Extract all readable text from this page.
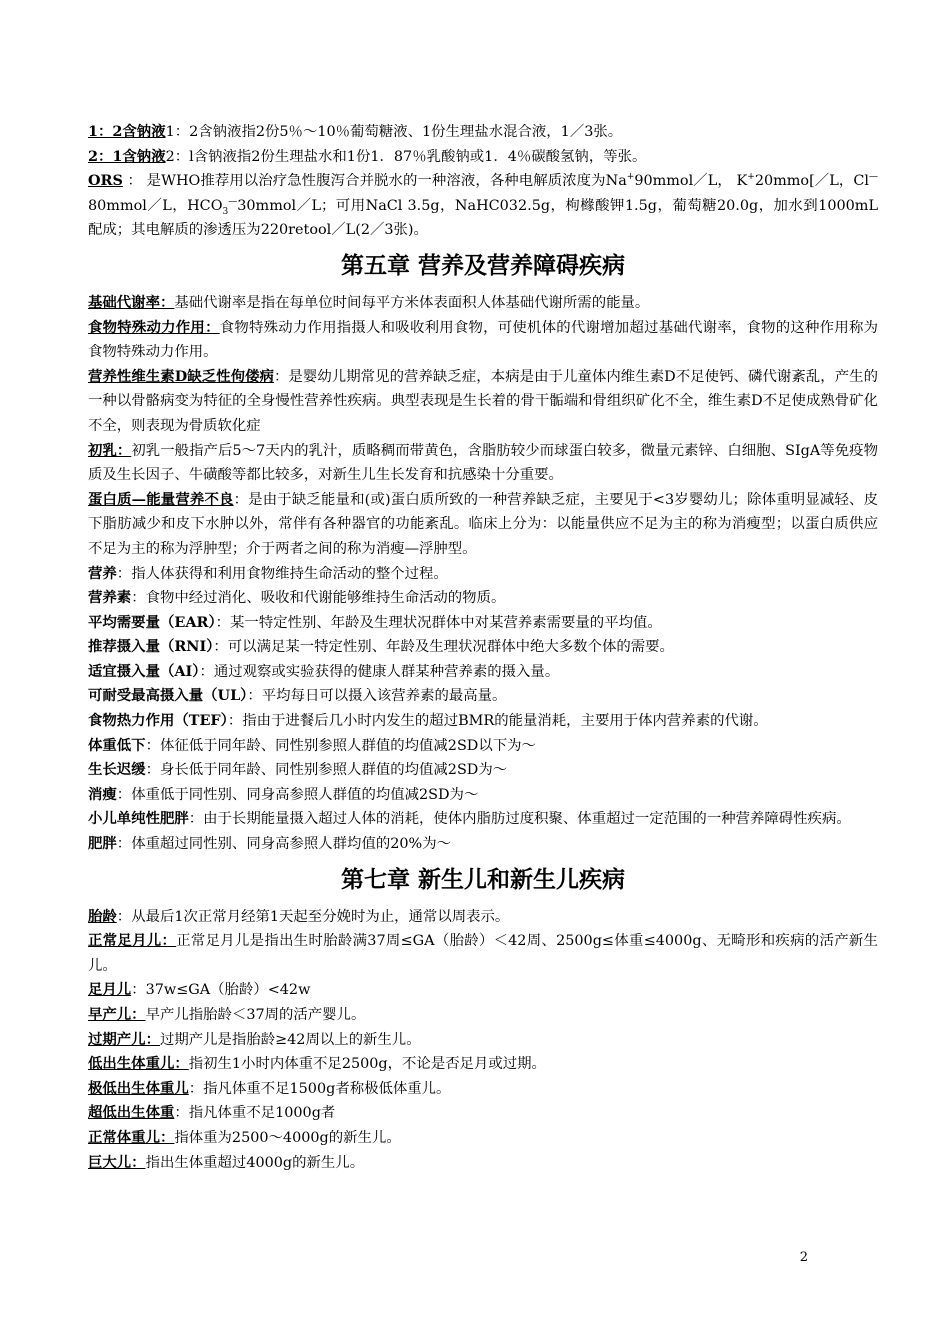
1：2含钠液1：2含钠液指2份5％～10％葡萄糖液、1份生理盐水混合液，1／3张。

2：1含钠液2：l含钠液指2份生理盐水和1份1．87％乳酸钠或1．4％碳酸氢钠，等张。

ORS ： 是WHO推荐用以治疗急性腹泻合并脱水的一种溶液，各种电解质浓度为Na+90mmol／L， K+20mmo[／L，Cl—80mmol／L，$HCO_3^—30mmol/L$；可用NaCl 3.5g，NaHC032.5g，枸橼酸钾1.5g，葡萄糖20.0g，加水到1000mL配成；其电解质的渗透压为220retool／L(2／3张)。

第五章 营养及营养障碍疾病

基础代谢率：基础代谢率是指在每单位时间每平方米体表面积人体基础代谢所需的能量。

食物特殊动力作用：食物特殊动力作用指摄人和吸收利用食物，可使机体的代谢增加超过基础代谢率，食物的这种作用称为食物特殊动力作用。

营养性维生素D缺乏性佝偻病：是婴幼儿期常见的营养缺乏症，本病是由于儿童体内维生素D不足使钙、磷代谢紊乱，产生的一种以骨骼病变为特征的全身慢性营养性疾病。典型表现是生长着的骨干骺端和骨组织矿化不全，维生素D不足使成熟骨矿化不全，则表现为骨质软化症

初乳：初乳一般指产后5～7天内的乳汁，质略稠而带黄色，含脂肪较少而球蛋白较多，微量元素锌、白细胞、SIgA等免疫物质及生长因子、牛磺酸等都比较多，对新生儿生长发育和抗感染十分重要。

蛋白质—能量营养不良：是由于缺乏能量和(或)蛋白质所致的一种营养缺乏症，主要见于<3岁婴幼儿；除体重明显减轻、皮下脂肪减少和皮下水肿以外，常伴有各种器官的功能紊乱。临床上分为：以能量供应不足为主的称为消瘦型；以蛋白质供应不足为主的称为浮肿型；介于两者之间的称为消瘦—浮肿型。

营养：指人体获得和利用食物维持生命活动的整个过程。

营养素：食物中经过消化、吸收和代谢能够维持生命活动的物质。

平均需要量（EAR）：某一特定性别、年龄及生理状况群体中对某营养素需要量的平均值。

推荐摄入量（RNI）：可以满足某一特定性别、年龄及生理状况群体中绝大多数个体的需要。

适宜摄入量（AI）：通过观察或实验获得的健康人群某种营养素的摄入量。

可耐受最高摄入量（UL）：平均每日可以摄入该营养素的最高量。

食物热力作用（TEF）：指由于进餐后几小时内发生的超过BMR的能量消耗，主要用于体内营养素的代谢。

体重低下：体征低于同年龄、同性别参照人群值的均值减2SD以下为～

生长迟缓：身长低于同年龄、同性别参照人群值的均值减2SD为～

消瘦：体重低于同性别、同身高参照人群值的均值减2SD为～

小儿单纯性肥胖：由于长期能量摄入超过人体的消耗，使体内脂肪过度积聚、体重超过一定范围的一种营养障碍性疾病。

肥胖：体重超过同性别、同身高参照人群均值的20%为～

第七章 新生儿和新生儿疾病

胎龄：从最后1次正常月经第1天起至分娩时为止，通常以周表示。

正常足月儿：正常足月儿是指出生时胎龄满37周≤GA（胎龄）＜42周、2500g≤体重≤4000g、无畸形和疾病的活产新生儿。

足月儿：37w≤GA（胎龄）<42w

早产儿：早产儿指胎龄＜37周的活产婴儿。

过期产儿：过期产儿是指胎龄≥42周以上的新生儿。

低出生体重儿：指初生1小时内体重不足2500g，不论是否足月或过期。

极低出生体重儿：指凡体重不足1500g者称极低体重儿。

超低出生体重：指凡体重不足1000g者

正常体重儿：指体重为2500～4000g的新生儿。

巨大儿：指出生体重超过4000g的新生儿。

2
